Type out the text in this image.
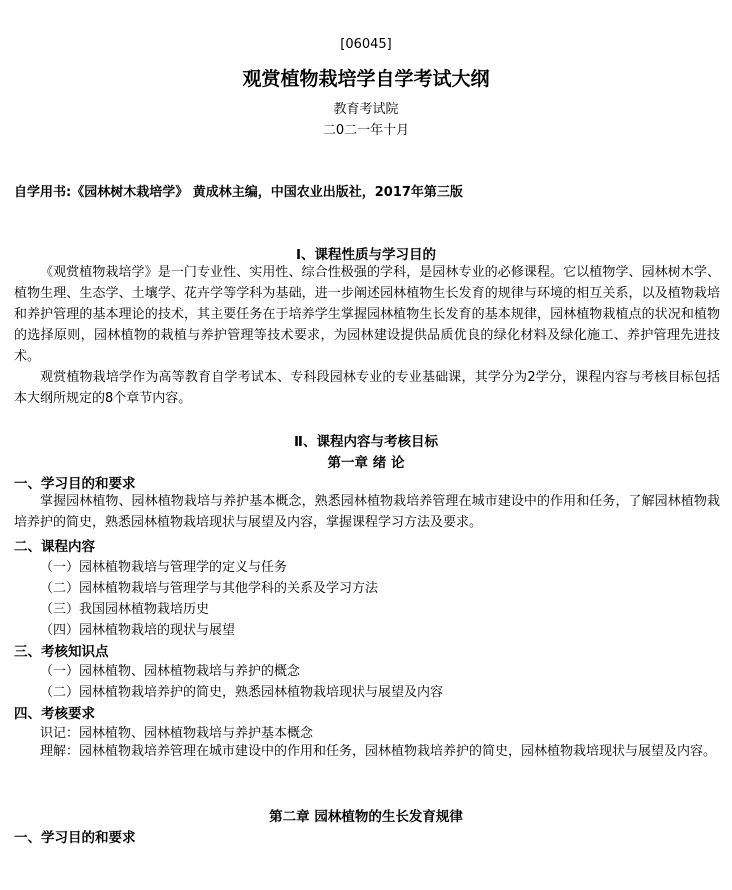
[06045]
观赏植物栽培学自学考试大纲
教育考试院
二0二一年十月
自学用书:《园林树木栽培学》 黄成林主编，中国农业出版社，2017年第三版
Ⅰ、课程性质与学习目的
《观赏植物栽培学》是一门专业性、实用性、综合性极强的学科，是园林专业的必修课程。它以植物学、园林树木学、植物生理、生态学、土壤学、花卉学等学科为基础，进一步阐述园林植物生长发育的规律与环境的相互关系，以及植物栽培和养护管理的基本理论的技术，其主要任务在于培养学生掌握园林植物生长发育的基本规律，园林植物栽植点的状况和植物的选择原则，园林植物的栽植与养护管理等技术要求，为园林建设提供品质优良的绿化材料及绿化施工、养护管理先进技术。
观赏植物栽培学作为高等教育自学考试本、专科段园林专业的专业基础课，其学分为2学分，课程内容与考核目标包括本大纲所规定的8个章节内容。
Ⅱ、课程内容与考核目标
第一章 绪 论
一、学习目的和要求
掌握园林植物、园林植物栽培与养护基本概念，熟悉园林植物栽培养管理在城市建设中的作用和任务，了解园林植物栽培养护的简史，熟悉园林植物栽培现状与展望及内容，掌握课程学习方法及要求。
二、课程内容
（一）园林植物栽培与管理学的定义与任务
（二）园林植物栽培与管理学与其他学科的关系及学习方法
（三）我国园林植物栽培历史
（四）园林植物栽培的现状与展望
三、考核知识点
（一）园林植物、园林植物栽培与养护的概念
（二）园林植物栽培养护的简史，熟悉园林植物栽培现状与展望及内容
四、考核要求
识记：园林植物、园林植物栽培与养护基本概念
理解：园林植物栽培养管理在城市建设中的作用和任务，园林植物栽培养护的简史，园林植物栽培现状与展望及内容。
第二章 园林植物的生长发育规律
一、学习目的和要求
